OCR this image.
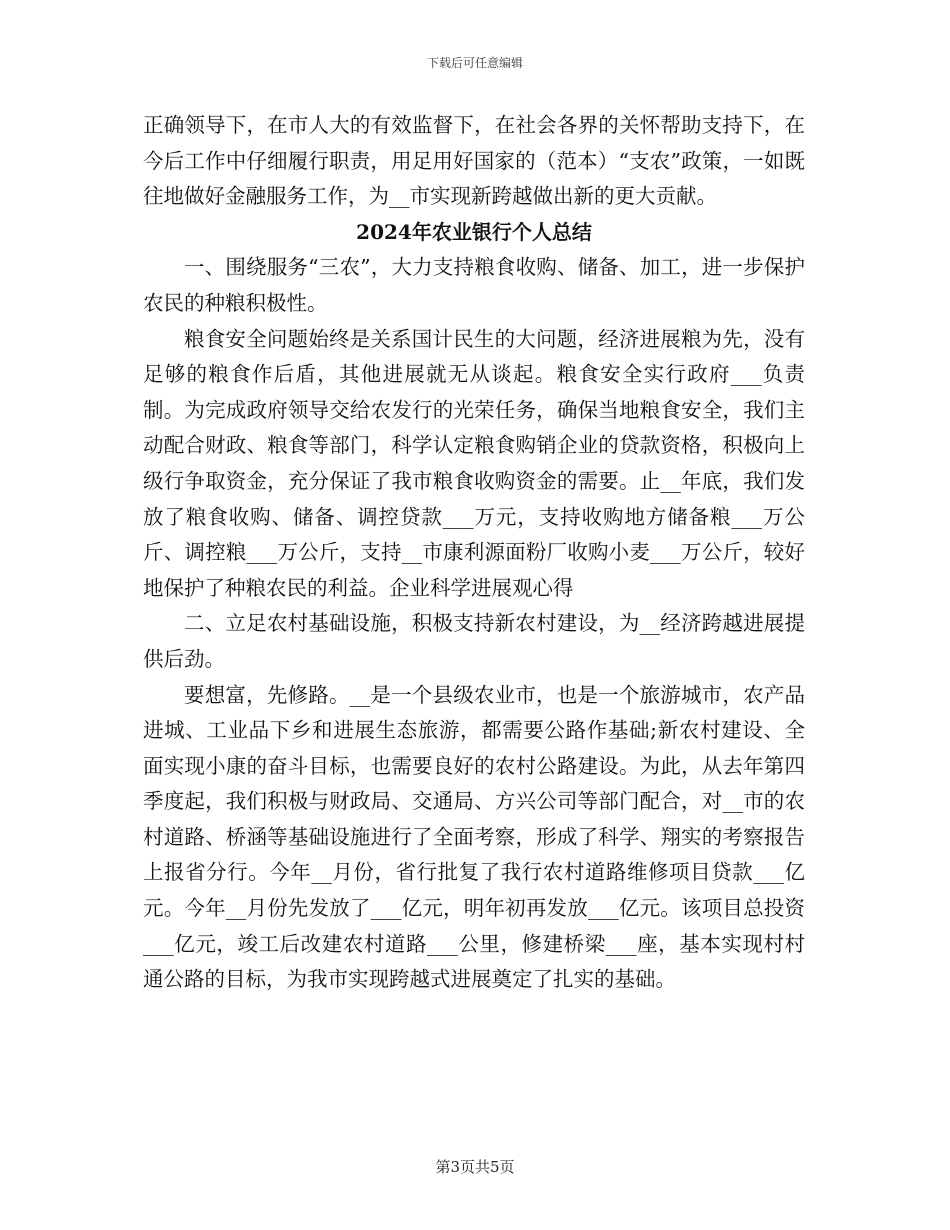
下载后可任意编辑

正确领导下，在市人大的有效监督下，在社会各界的关怀帮助支持下，在今后工作中仔细履行职责，用足用好国家的（范本）“支农”政策，一如既往地做好金融服务工作，为__市实现新跨越做出新的更大贡献。

2024年农业银行个人总结

一、围绕服务“三农”，大力支持粮食收购、储备、加工，进一步保护农民的种粮积极性。

粮食安全问题始终是关系国计民生的大问题，经济进展粮为先，没有足够的粮食作后盾，其他进展就无从谈起。粮食安全实行政府___负责制。为完成政府领导交给农发行的光荣任务，确保当地粮食安全，我们主动配合财政、粮食等部门，科学认定粮食购销企业的贷款资格，积极向上级行争取资金，充分保证了我市粮食收购资金的需要。止__年底，我们发放了粮食收购、储备、调控贷款___万元，支持收购地方储备粮___万公斤、调控粮___万公斤，支持__市康利源面粉厂收购小麦___万公斤，较好地保护了种粮农民的利益。企业科学进展观心得

二、立足农村基础设施，积极支持新农村建设，为__经济跨越进展提供后劲。

要想富，先修路。__是一个县级农业市，也是一个旅游城市，农产品进城、工业品下乡和进展生态旅游，都需要公路作基础;新农村建设、全面实现小康的奋斗目标，也需要良好的农村公路建设。为此，从去年第四季度起，我们积极与财政局、交通局、方兴公司等部门配合，对__市的农村道路、桥涵等基础设施进行了全面考察，形成了科学、翔实的考察报告上报省分行。今年__月份，省行批复了我行农村道路维修项目贷款___亿元。今年__月份先发放了___亿元，明年初再发放___亿元。该项目总投资___亿元，竣工后改建农村道路___公里，修建桥梁___座，基本实现村村通公路的目标，为我市实现跨越式进展奠定了扎实的基础。

第3页共5页
